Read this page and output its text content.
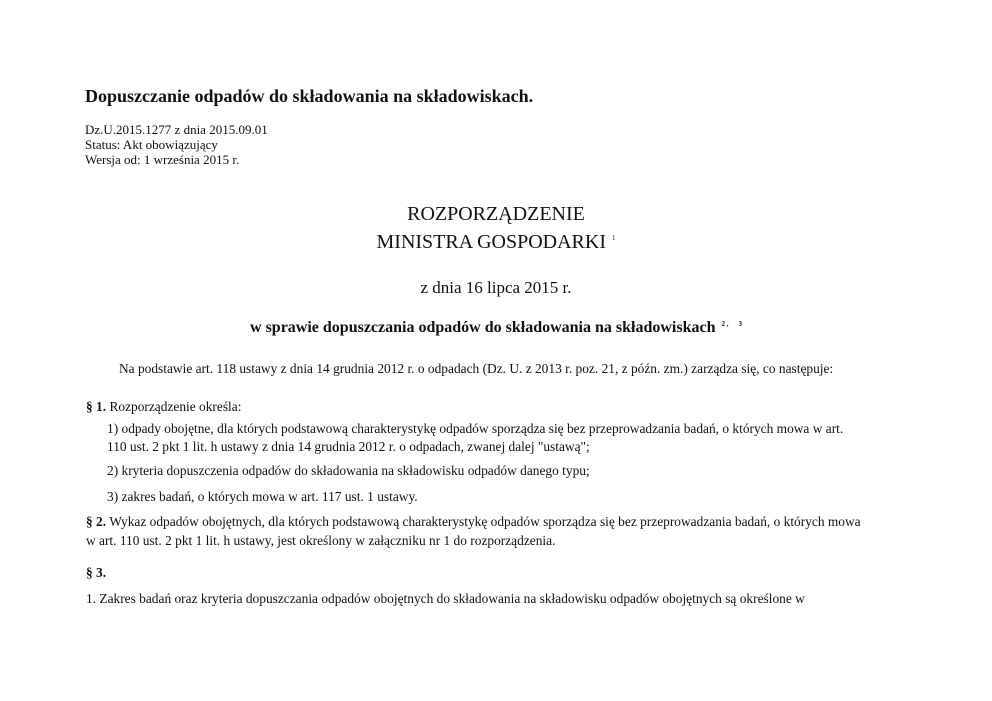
Dopuszczanie odpadów do składowania na składowiskach.
Dz.U.2015.1277 z dnia 2015.09.01
Status: Akt obowiązujący
Wersja od: 1 września 2015 r.
ROZPORZĄDZENIE
MINISTRA GOSPODARKI $^1$
z dnia 16 lipca 2015 r.
w sprawie dopuszczania odpadów do składowania na składowiskach $^{2 ,}$ $^3$
Na podstawie art. 118 ustawy z dnia 14 grudnia 2012 r. o odpadach (Dz. U. z 2013 r. poz. 21, z późn. zm.) zarządza się, co następuje:
§ 1. Rozporządzenie określa:
1) odpady obojętne, dla których podstawową charakterystykę odpadów sporządza się bez przeprowadzania badań, o których mowa w art.
110 ust. 2 pkt 1 lit. h ustawy z dnia 14 grudnia 2012 r. o odpadach, zwanej dalej "ustawą";
2) kryteria dopuszczenia odpadów do składowania na składowisku odpadów danego typu;
3) zakres badań, o których mowa w art. 117 ust. 1 ustawy.
§ 2. Wykaz odpadów obojętnych, dla których podstawową charakterystykę odpadów sporządza się bez przeprowadzania badań, o których mowa
w art. 110 ust. 2 pkt 1 lit. h ustawy, jest określony w załączniku nr 1 do rozporządzenia.
§ 3.
1. Zakres badań oraz kryteria dopuszczania odpadów obojętnych do składowania na składowisku odpadów obojętnych są określone w
